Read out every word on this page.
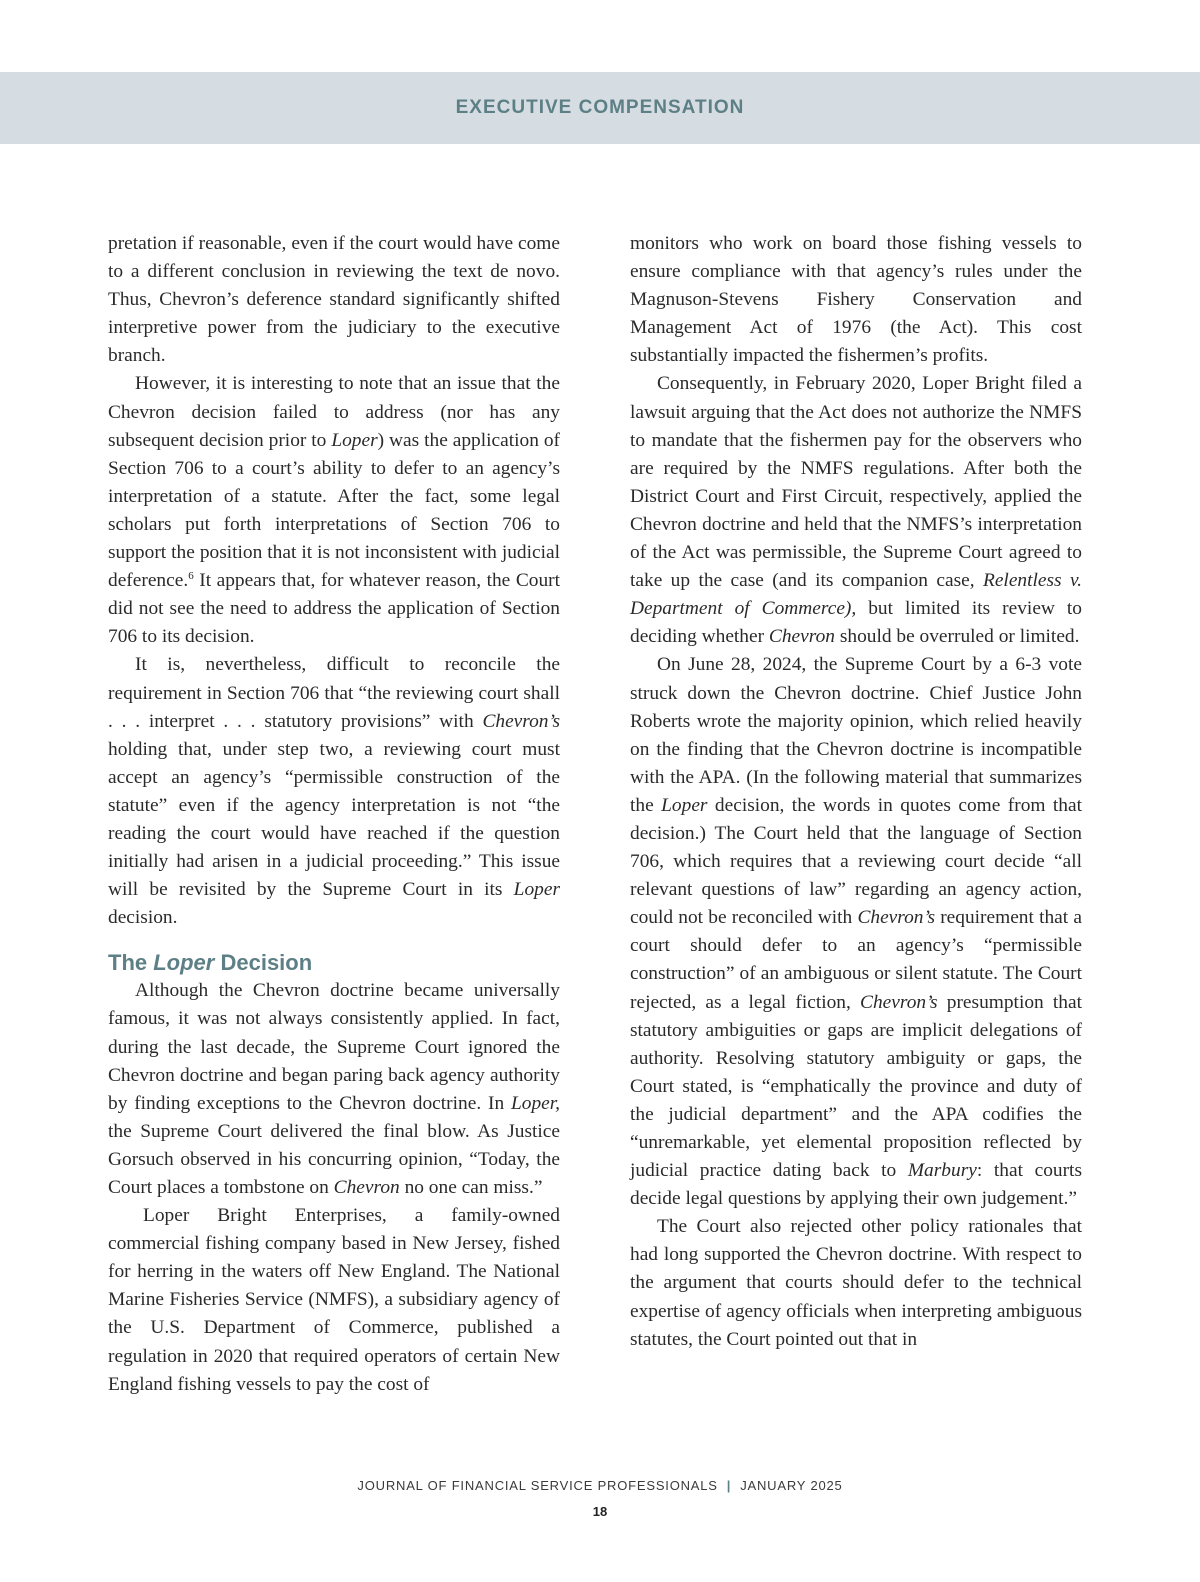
EXECUTIVE COMPENSATION

pretation if reasonable, even if the court would have come to a different conclusion in reviewing the text de novo. Thus, Chevron’s deference standard significantly shifted interpretive power from the judiciary to the executive branch.

However, it is interesting to note that an issue that the Chevron decision failed to address (nor has any subsequent decision prior to Loper) was the application of Section 706 to a court’s ability to defer to an agency’s interpretation of a statute. After the fact, some legal scholars put forth interpretations of Section 706 to support the position that it is not inconsistent with judicial deference.$^6$ It appears that, for whatever reason, the Court did not see the need to address the application of Section 706 to its decision.

It is, nevertheless, difficult to reconcile the requirement in Section 706 that “the reviewing court shall . . . interpret . . . statutory provisions” with Chevron’s holding that, under step two, a reviewing court must accept an agency’s “permissible construction of the statute” even if the agency interpretation is not “the reading the court would have reached if the question initially had arisen in a judicial proceeding.” This issue will be revisited by the Supreme Court in its Loper decision.

The Loper Decision

Although the Chevron doctrine became universally famous, it was not always consistently applied. In fact, during the last decade, the Supreme Court ignored the Chevron doctrine and began paring back agency authority by finding exceptions to the Chevron doctrine. In Loper, the Supreme Court delivered the final blow. As Justice Gorsuch observed in his concurring opinion, “Today, the Court places a tombstone on Chevron no one can miss.”

Loper Bright Enterprises, a family-owned commercial fishing company based in New Jersey, fished for herring in the waters off New England. The National Marine Fisheries Service (NMFS), a subsidiary agency of the U.S. Department of Commerce, published a regulation in 2020 that required operators of certain New England fishing vessels to pay the cost of

monitors who work on board those fishing vessels to ensure compliance with that agency’s rules under the Magnuson-Stevens Fishery Conservation and Management Act of 1976 (the Act). This cost substantially impacted the fishermen’s profits.

Consequently, in February 2020, Loper Bright filed a lawsuit arguing that the Act does not authorize the NMFS to mandate that the fishermen pay for the observers who are required by the NMFS regulations. After both the District Court and First Circuit, respectively, applied the Chevron doctrine and held that the NMFS’s interpretation of the Act was permissible, the Supreme Court agreed to take up the case (and its companion case, Relentless v. Department of Commerce), but limited its review to deciding whether Chevron should be overruled or limited.

On June 28, 2024, the Supreme Court by a 6-3 vote struck down the Chevron doctrine. Chief Justice John Roberts wrote the majority opinion, which relied heavily on the finding that the Chevron doctrine is incompatible with the APA. (In the following material that summarizes the Loper decision, the words in quotes come from that decision.) The Court held that the language of Section 706, which requires that a reviewing court decide “all relevant questions of law” regarding an agency action, could not be reconciled with Chevron’s requirement that a court should defer to an agency’s “permissible construction” of an ambiguous or silent statute. The Court rejected, as a legal fiction, Chevron’s presumption that statutory ambiguities or gaps are implicit delegations of authority. Resolving statutory ambiguity or gaps, the Court stated, is “emphatically the province and duty of the judicial department” and the APA codifies the “unremarkable, yet elemental proposition reflected by judicial practice dating back to Marbury: that courts decide legal questions by applying their own judgement.”

The Court also rejected other policy rationales that had long supported the Chevron doctrine. With respect to the argument that courts should defer to the technical expertise of agency officials when interpreting ambiguous statutes, the Court pointed out that in

JOURNAL OF FINANCIAL SERVICE PROFESSIONALS | JANUARY 2025
18
